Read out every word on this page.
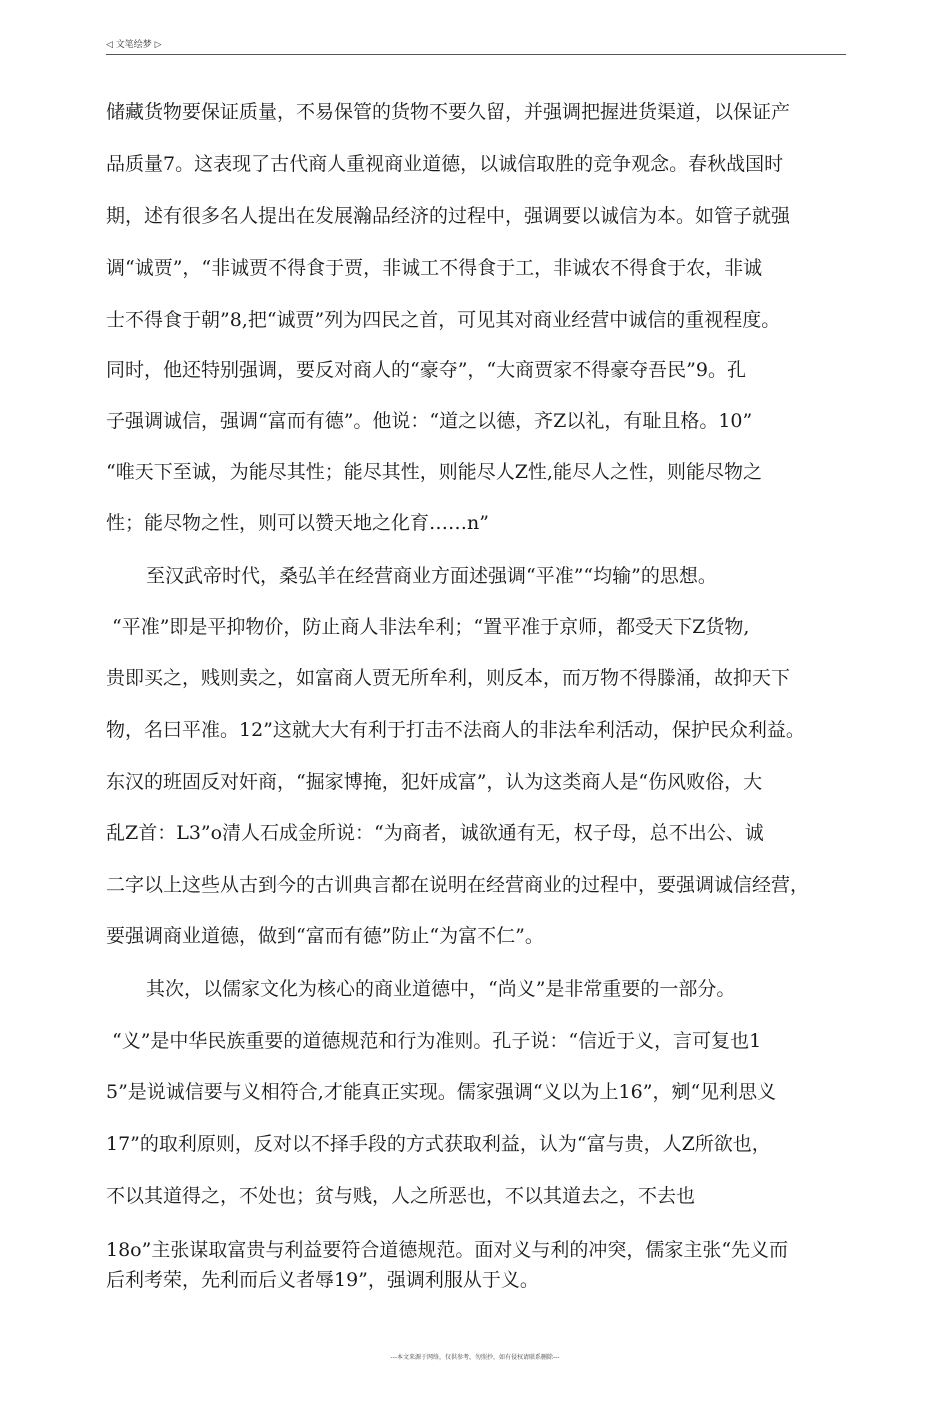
◁ 文笔绘梦 ▷
储藏货物要保证质量，不易保管的货物不要久留，并强调把握进货渠道，以保证产
品质量7。这表现了古代商人重视商业道德，以诚信取胜的竞争观念。春秋战国时
期，述有很多名人提出在发展瀚品经济的过程中，强调要以诚信为本。如管子就强
调“诚贾”，“非诚贾不得食于贾，非诚工不得食于工，非诚农不得食于农，非诚
士不得食于朝”8,把“诚贾”列为四民之首，可见其对商业经营中诚信的重视程度。
同时，他还特别强调，要反对商人的“豪夺”，“大商贾家不得豪夺吾民”9。孔
子强调诚信，强调“富而有德”。他说：“道之以德，齐Z以礼，有耻且格。10”
“唯天下至诚，为能尽其性；能尽其性，则能尽人Z性,能尽人之性，则能尽物之
性；能尽物之性，则可以赞天地之化育……n”
至汉武帝时代，桑弘羊在经营商业方面述强调“平准”“均输”的思想。
“平准”即是平抑物价，防止商人非法牟利；“置平准于京师，都受天下Z货物,
贵即买之，贱则卖之，如富商人贾无所牟利，则反本，而万物不得滕涌，故抑天下
物，名曰平准。12”这就大大有利于打击不法商人的非法牟利活动，保护民众利益。
东汉的班固反对奸商，“掘家博掩，犯奸成富”，认为这类商人是“伤风败俗，大
乱Z首：L3”o清人石成金所说：“为商者，诚欲通有无，权子母，总不出公、诚
二字以上这些从古到今的古训典言都在说明在经营商业的过程中，要强调诚信经营，
要强调商业道德，做到“富而有德”防止“为富不仁”。
其次，以儒家文化为核心的商业道德中，“尚义”是非常重要的一部分。
“义”是中华民族重要的道德规范和行为准则。孔子说：“信近于义，言可复也1
5”是说诚信要与义相符合,才能真正实现。儒家强调“义以为上16”，剜“见利思义
17”的取利原则，反对以不择手段的方式获取利益，认为“富与贵，人Z所欲也，
不以其道得之，不处也；贫与贱，人之所恶也，不以其道去之，不去也
18o”主张谋取富贵与利益要符合道德规范。面对义与利的冲突，儒家主张“先义而
后利考荣，先利而后义者辱19”，强调利服从于义。
---本文来源于网络，仅供参考，勿照抄，如有侵权请联系删除---
